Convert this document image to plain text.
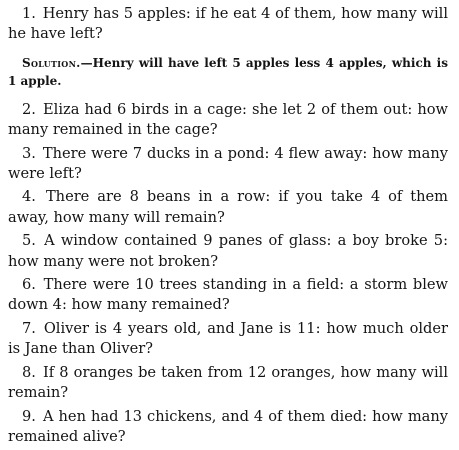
1. Henry has 5 apples: if he eat 4 of them, how many will he have left?

Solution.—Henry will have left 5 apples less 4 apples, which is 1 apple.

2. Eliza had 6 birds in a cage: she let 2 of them out: how many remained in the cage?

3. There were 7 ducks in a pond: 4 flew away: how many were left?

4. There are 8 beans in a row: if you take 4 of them away, how many will remain?

5. A window contained 9 panes of glass: a boy broke 5: how many were not broken?

6. There were 10 trees standing in a field: a storm blew down 4: how many remained?

7. Oliver is 4 years old, and Jane is 11: how much older is Jane than Oliver?

8. If 8 oranges be taken from 12 oranges, how many will remain?

9. A hen had 13 chickens, and 4 of them died: how many remained alive?
